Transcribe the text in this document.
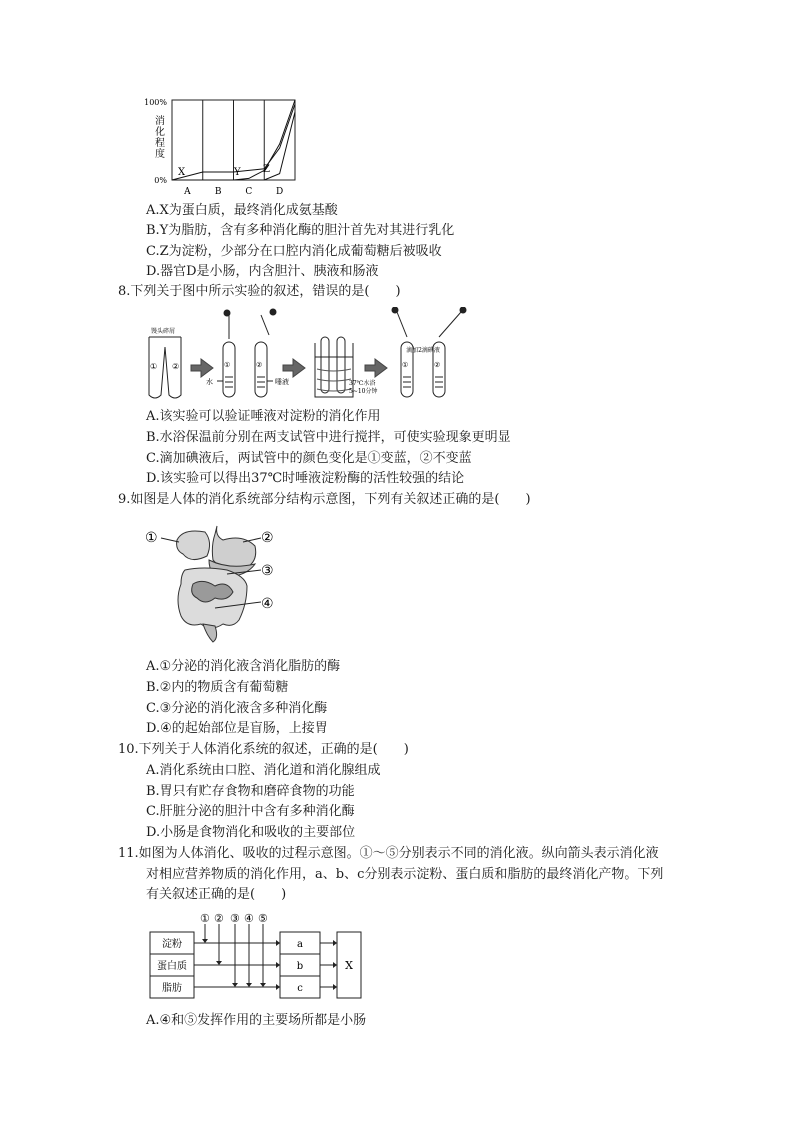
100%
0%
消化程度
A	B	C	D
X	Y Z
A.X为蛋白质，最终消化成氨基酸
B.Y为脂肪，含有多种消化酶的胆汁首先对其进行乳化
C.Z为淀粉，少部分在口腔内消化成葡萄糖后被吸收
D.器官D是小肠，内含胆汁、胰液和肠液
8.下列关于图中所示实验的叙述，错误的是(　　)
馒头碎屑
① ②
水	唾液
①	②
37℃水浴
5~10分钟
滴加2滴碘液
①	②
A.该实验可以验证唾液对淀粉的消化作用
B.水浴保温前分别在两支试管中进行搅拌，可使实验现象更明显
C.滴加碘液后，两试管中的颜色变化是①变蓝，②不变蓝
D.该实验可以得出37℃时唾液淀粉酶的活性较强的结论
9.如图是人体的消化系统部分结构示意图，下列有关叙述正确的是(　　)
①	②
③
④
A.①分泌的消化液含消化脂肪的酶
B.②内的物质含有葡萄糖
C.③分泌的消化液含多种消化酶
D.④的起始部位是盲肠，上接胃
10.下列关于人体消化系统的叙述，正确的是(　　)
A.消化系统由口腔、消化道和消化腺组成
B.胃只有贮存食物和磨碎食物的功能
C.肝脏分泌的胆汁中含有多种消化酶
D.小肠是食物消化和吸收的主要部位
11.如图为人体消化、吸收的过程示意图。①～⑤分别表示不同的消化液。纵向箭头表示消化液
对相应营养物质的消化作用，a、b、c分别表示淀粉、蛋白质和脂肪的最终消化产物。下列
有关叙述正确的是(　　)
① ② ③ ④ ⑤
淀粉
蛋白质
脂肪
a
b
c
X
A.④和⑤发挥作用的主要场所都是小肠
